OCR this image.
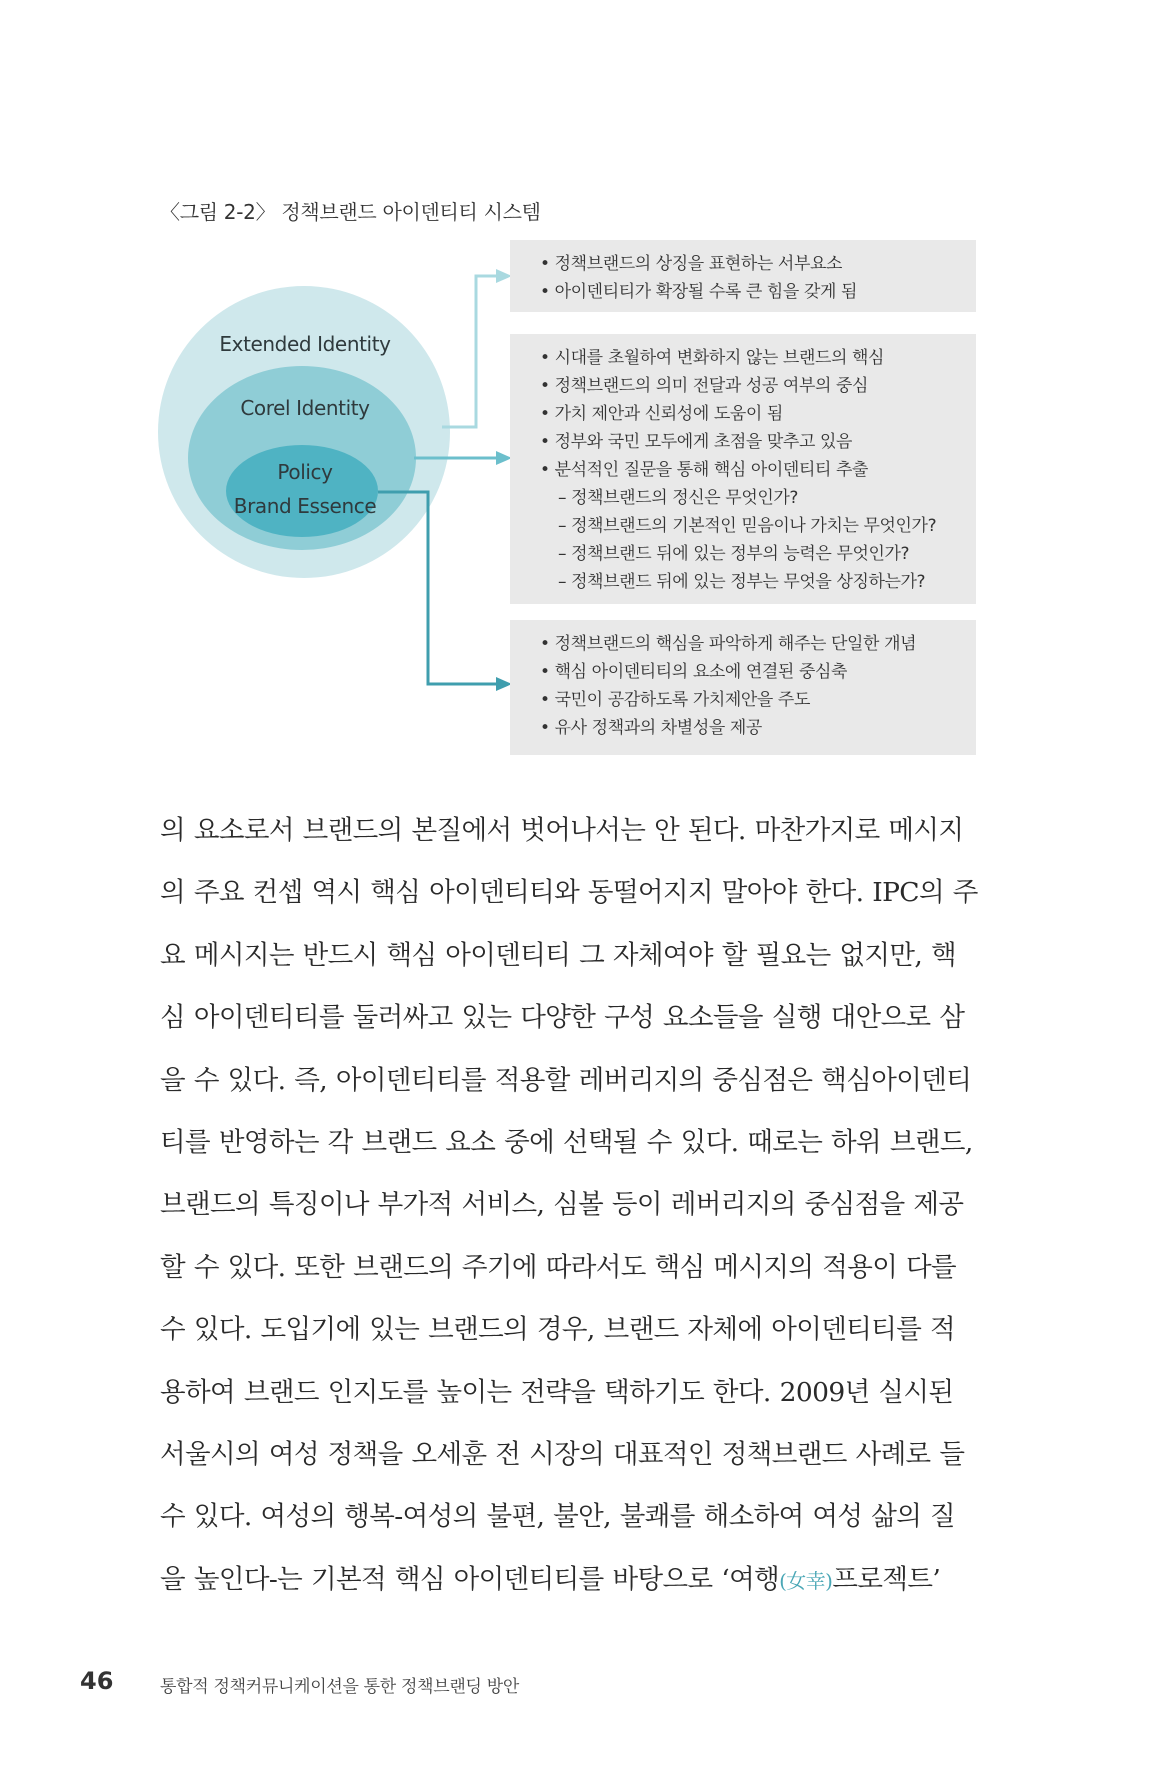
〈그림 2-2〉 정책브랜드 아이덴티티 시스템
Extended Identity
Corel Identity
Policy
Brand Essence
• 정책브랜드의 상징을 표현하는 서부요소
• 아이덴티티가 확장될 수록 큰 힘을 갖게 됨
• 시대를 초월하여 변화하지 않는 브랜드의 핵심
• 정책브랜드의 의미 전달과 성공 여부의 중심
• 가치 제안과 신뢰성에 도움이 됨
• 정부와 국민 모두에게 초점을 맞추고 있음
• 분석적인 질문을 통해 핵심 아이덴티티 추출
– 정책브랜드의 정신은 무엇인가?
– 정책브랜드의 기본적인 믿음이나 가치는 무엇인가?
– 정책브랜드 뒤에 있는 정부의 능력은 무엇인가?
– 정책브랜드 뒤에 있는 정부는 무엇을 상징하는가?
• 정책브랜드의 핵심을 파악하게 해주는 단일한 개념
• 핵심 아이덴티티의 요소에 연결된 중심축
• 국민이 공감하도록 가치제안을 주도
• 유사 정책과의 차별성을 제공

의 요소로서 브랜드의 본질에서 벗어나서는 안 된다. 마찬가지로 메시지
의 주요 컨셉 역시 핵심 아이덴티티와 동떨어지지 말아야 한다. IPC의 주
요 메시지는 반드시 핵심 아이덴티티 그 자체여야 할 필요는 없지만, 핵
심 아이덴티티를 둘러싸고 있는 다양한 구성 요소들을 실행 대안으로 삼
을 수 있다. 즉, 아이덴티티를 적용할 레버리지의 중심점은 핵심아이덴티
티를 반영하는 각 브랜드 요소 중에 선택될 수 있다. 때로는 하위 브랜드,
브랜드의 특징이나 부가적 서비스, 심볼 등이 레버리지의 중심점을 제공
할 수 있다. 또한 브랜드의 주기에 따라서도 핵심 메시지의 적용이 다를
수 있다. 도입기에 있는 브랜드의 경우, 브랜드 자체에 아이덴티티를 적
용하여 브랜드 인지도를 높이는 전략을 택하기도 한다. 2009년 실시된
서울시의 여성 정책을 오세훈 전 시장의 대표적인 정책브랜드 사례로 들
수 있다. 여성의 행복-여성의 불편, 불안, 불쾌를 해소하여 여성 삶의 질
을 높인다-는 기본적 핵심 아이덴티티를 바탕으로 ‘여행(女幸)프로젝트’

46	통합적 정책커뮤니케이션을 통한 정책브랜딩 방안
